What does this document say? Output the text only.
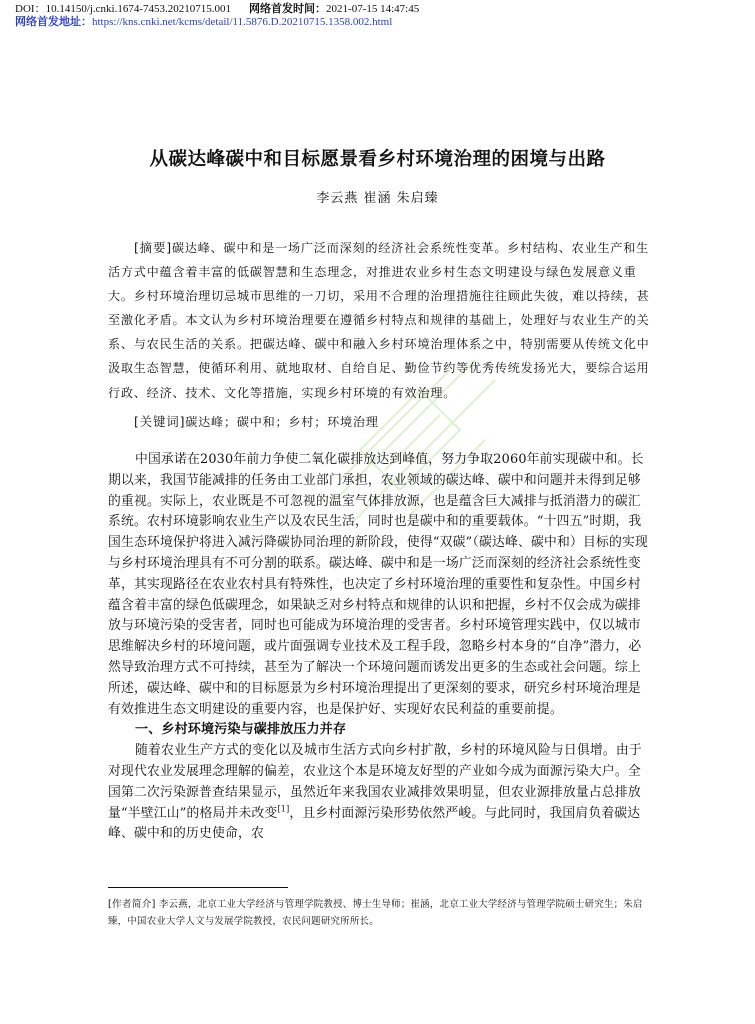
DOI：10.14150/j.cnki.1674-7453.20210715.001 网络首发时间：2021-07-15 14:47:45
网络首发地址：https://kns.cnki.net/kcms/detail/11.5876.D.20210715.1358.002.html
从碳达峰碳中和目标愿景看乡村环境治理的困境与出路
李云燕 崔涵 朱启臻

[摘要]碳达峰、碳中和是一场广泛而深刻的经济社会系统性变革。乡村结构、农业生产和生活方式中蕴含着丰富的低碳智慧和生态理念，对推进农业乡村生态文明建设与绿色发展意义重大。乡村环境治理切忌城市思维的一刀切，采用不合理的治理措施往往顾此失彼，难以持续，甚至激化矛盾。本文认为乡村环境治理要在遵循乡村特点和规律的基础上，处理好与农业生产的关系、与农民生活的关系。把碳达峰、碳中和融入乡村环境治理体系之中，特别需要从传统文化中汲取生态智慧，使循环利用、就地取材、自给自足、勤俭节约等优秀传统发扬光大，要综合运用行政、经济、技术、文化等措施，实现乡村环境的有效治理。

[关键词]碳达峰；碳中和；乡村；环境治理

中国承诺在2030年前力争使二氧化碳排放达到峰值，努力争取2060年前实现碳中和。长期以来，我国节能减排的任务由工业部门承担，农业领域的碳达峰、碳中和问题并未得到足够的重视。实际上，农业既是不可忽视的温室气体排放源，也是蕴含巨大减排与抵消潜力的碳汇系统。农村环境影响农业生产以及农民生活，同时也是碳中和的重要载体。“十四五”时期，我国生态环境保护将进入减污降碳协同治理的新阶段，使得“双碳”（碳达峰、碳中和）目标的实现与乡村环境治理具有不可分割的联系。碳达峰、碳中和是一场广泛而深刻的经济社会系统性变革，其实现路径在农业农村具有特殊性，也决定了乡村环境治理的重要性和复杂性。中国乡村蕴含着丰富的绿色低碳理念，如果缺乏对乡村特点和规律的认识和把握，乡村不仅会成为碳排放与环境污染的受害者，同时也可能成为环境治理的受害者。乡村环境管理实践中，仅以城市思维解决乡村的环境问题，或片面强调专业技术及工程手段，忽略乡村本身的“自净”潜力，必然导致治理方式不可持续，甚至为了解决一个环境问题而诱发出更多的生态或社会问题。综上所述，碳达峰、碳中和的目标愿景为乡村环境治理提出了更深刻的要求，研究乡村环境治理是有效推进生态文明建设的重要内容，也是保护好、实现好农民利益的重要前提。

一、乡村环境污染与碳排放压力并存

随着农业生产方式的变化以及城市生活方式向乡村扩散，乡村的环境风险与日俱增。由于对现代农业发展理念理解的偏差，农业这个本是环境友好型的产业如今成为面源污染大户。全国第二次污染源普查结果显示，虽然近年来我国农业减排效果明显，但农业源排放量占总排放量“半壁江山”的格局并未改变[1]，且乡村面源污染形势依然严峻。与此同时，我国肩负着碳达峰、碳中和的历史使命，农

[作者简介] 李云燕，北京工业大学经济与管理学院教授、博士生导师；崔涵，北京工业大学经济与管理学院硕士研究生；朱启臻，中国农业大学人文与发展学院教授，农民问题研究所所长。
